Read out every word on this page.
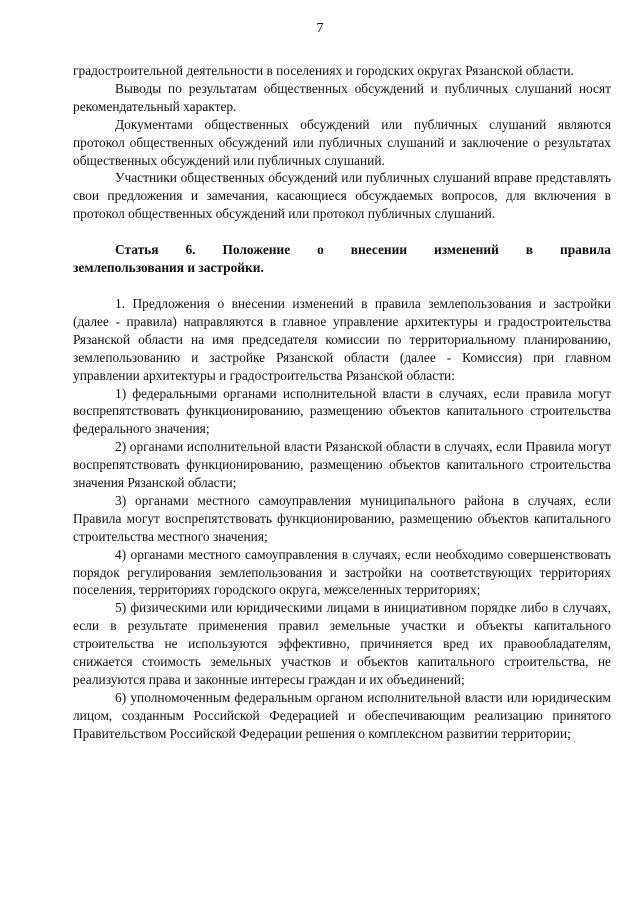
7

градостроительной деятельности в поселениях и городских округах Рязанской области.

Выводы по результатам общественных обсуждений и публичных слушаний носят рекомендательный характер.

Документами общественных обсуждений или публичных слушаний являются протокол общественных обсуждений или публичных слушаний и заключение о результатах общественных обсуждений или публичных слушаний.

Участники общественных обсуждений или публичных слушаний вправе представлять свои предложения и замечания, касающиеся обсуждаемых вопросов, для включения в протокол общественных обсуждений или протокол публичных слушаний.

Статья 6. Положение о внесении изменений в правила
землепользования и застройки.

1. Предложения о внесении изменений в правила землепользования и застройки (далее - правила) направляются в главное управление архитектуры и градостроительства Рязанской области на имя председателя комиссии по территориальному планированию, землепользованию и застройке Рязанской области (далее - Комиссия) при главном управлении архитектуры и градостроительства Рязанской области:

1) федеральными органами исполнительной власти в случаях, если правила могут воспрепятствовать функционированию, размещению объектов капитального строительства федерального значения;

2) органами исполнительной власти Рязанской области в случаях, если Правила могут воспрепятствовать функционированию, размещению объектов капитального строительства значения Рязанской области;

3) органами местного самоуправления муниципального района в случаях, если Правила могут воспрепятствовать функционированию, размещению объектов капитального строительства местного значения;

4) органами местного самоуправления в случаях, если необходимо совершенствовать порядок регулирования землепользования и застройки на соответствующих территориях поселения, территориях городского округа, межселенных территориях;

5) физическими или юридическими лицами в инициативном порядке либо в случаях, если в результате применения правил земельные участки и объекты капитального строительства не используются эффективно, причиняется вред их правообладателям, снижается стоимость земельных участков и объектов капитального строительства, не реализуются права и законные интересы граждан и их объединений;

6) уполномоченным федеральным органом исполнительной власти или юридическим лицом, созданным Российской Федерацией и обеспечивающим реализацию принятого Правительством Российской Федерации решения о комплексном развитии территории;
